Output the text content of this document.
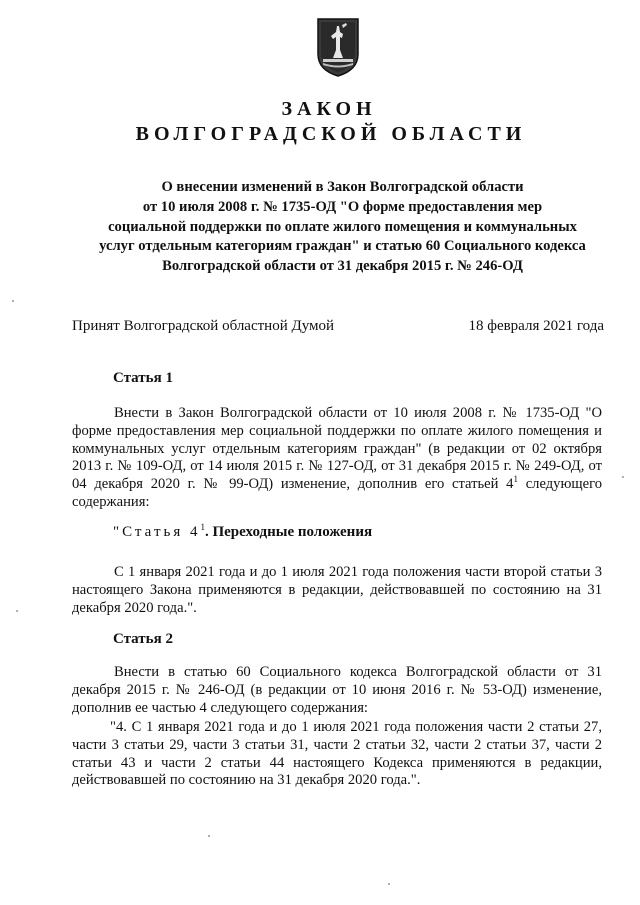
ЗАКОН
ВОЛГОГРАДСКОЙ ОБЛАСТИ

О внесении изменений в Закон Волгоградской области
от 10 июля 2008 г. № 1735-ОД "О форме предоставления мер
социальной поддержки по оплате жилого помещения и коммунальных
услуг отдельным категориям граждан" и статью 60 Социального кодекса
Волгоградской области от 31 декабря 2015 г. № 246-ОД

Принят Волгоградской областной Думой	18 февраля 2021 года
Статья 1

Внести в Закон Волгоградской области от 10 июля 2008 г. № 1735-ОД "О форме предоставления мер социальной поддержки по оплате жилого помещения и коммунальных услуг отдельным категориям граждан" (в редакции от 02 октября 2013 г. № 109-ОД, от 14 июля 2015 г. № 127-ОД, от 31 декабря 2015 г. № 249-ОД, от 04 декабря 2020 г. № 99-ОД) изменение, дополнив его статьей $4^1$ следующего содержания:

"Статья $4^1$. Переходные положения

С 1 января 2021 года и до 1 июля 2021 года положения части второй статьи 3 настоящего Закона применяются в редакции, действовавшей по состоянию на 31 декабря 2020 года.".

Статья 2

Внести в статью 60 Социального кодекса Волгоградской области от 31 декабря 2015 г. № 246-ОД (в редакции от 10 июня 2016 г. № 53-ОД) изменение, дополнив ее частью 4 следующего содержания:

"4. С 1 января 2021 года и до 1 июля 2021 года положения части 2 статьи 27, части 3 статьи 29, части 3 статьи 31, части 2 статьи 32, части 2 статьи 37, части 2 статьи 43 и части 2 статьи 44 настоящего Кодекса применяются в редакции, действовавшей по состоянию на 31 декабря 2020 года.".
